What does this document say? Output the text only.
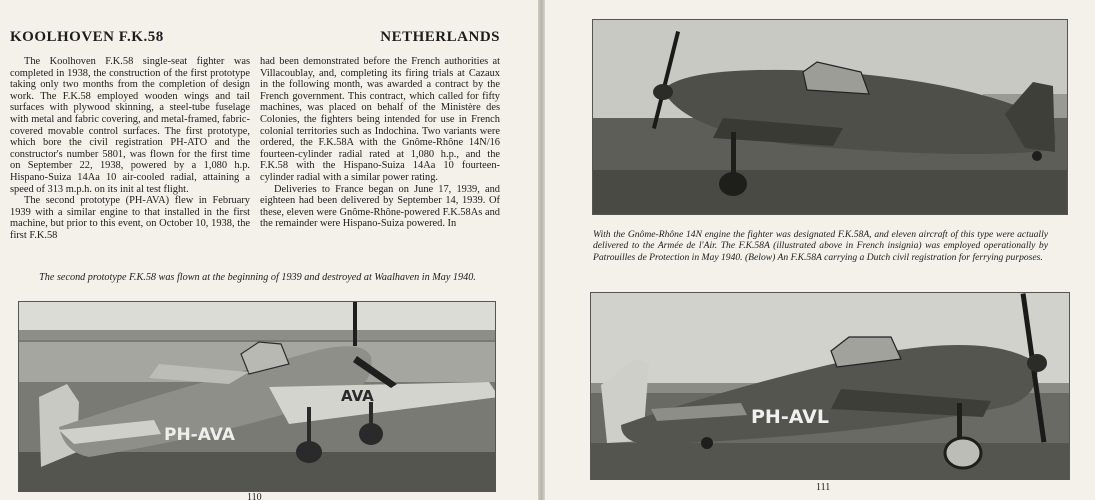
KOOLHOVEN F.K.58	NETHERLANDS

The Koolhoven F.K.58 single-seat fighter was completed in 1938, the construction of the first prototype taking only two months from the completion of design work. The F.K.58 employed wooden wings and tail surfaces with plywood skinning, a steel-tube fuselage with metal and fabric covering, and metal-framed, fabric-covered movable control surfaces. The first prototype, which bore the civil registration PH-ATO and the constructor's number 5801, was flown for the first time on September 22, 1938, powered by a 1,080 h.p. Hispano-Suiza 14Aa 10 air-cooled radial, attaining a speed of 313 m.p.h. on its init al test flight.

The second prototype (PH-AVA) flew in February 1939 with a similar engine to that installed in the first machine, but prior to this event, on October 10, 1938, the first F.K.58

had been demonstrated before the French authorities at Villacoublay, and, completing its firing trials at Cazaux in the following month, was awarded a contract by the French government. This contract, which called for fifty machines, was placed on behalf of the Ministère des Colonies, the fighters being intended for use in French colonial territories such as Indochina. Two variants were ordered, the F.K.58A with the Gnôme-Rhône 14N/16 fourteen-cylinder radial rated at 1,080 h.p., and the F.K.58 with the Hispano-Suiza 14Aa 10 fourteen-cylinder radial with a similar power rating.

Deliveries to France began on June 17, 1939, and eighteen had been delivered by September 14, 1939. Of these, eleven were Gnôme-Rhône-powered F.K.58As and the remainder were Hispano-Suiza powered. In

The second prototype F.K.58 was flown at the beginning of 1939 and destroyed at Waalhaven in May 1940.
AVA
PH-AVA
110
With the Gnôme-Rhône 14N engine the fighter was designated F.K.58A, and eleven aircraft of this type were actually delivered to the Armée de l'Air. The F.K.58A (illustrated above in French insignia) was employed operationally by Patrouilles de Protection in May 1940. (Below) An F.K.58A carrying a Dutch civil registration for ferrying purposes.
PH-AVL
111
